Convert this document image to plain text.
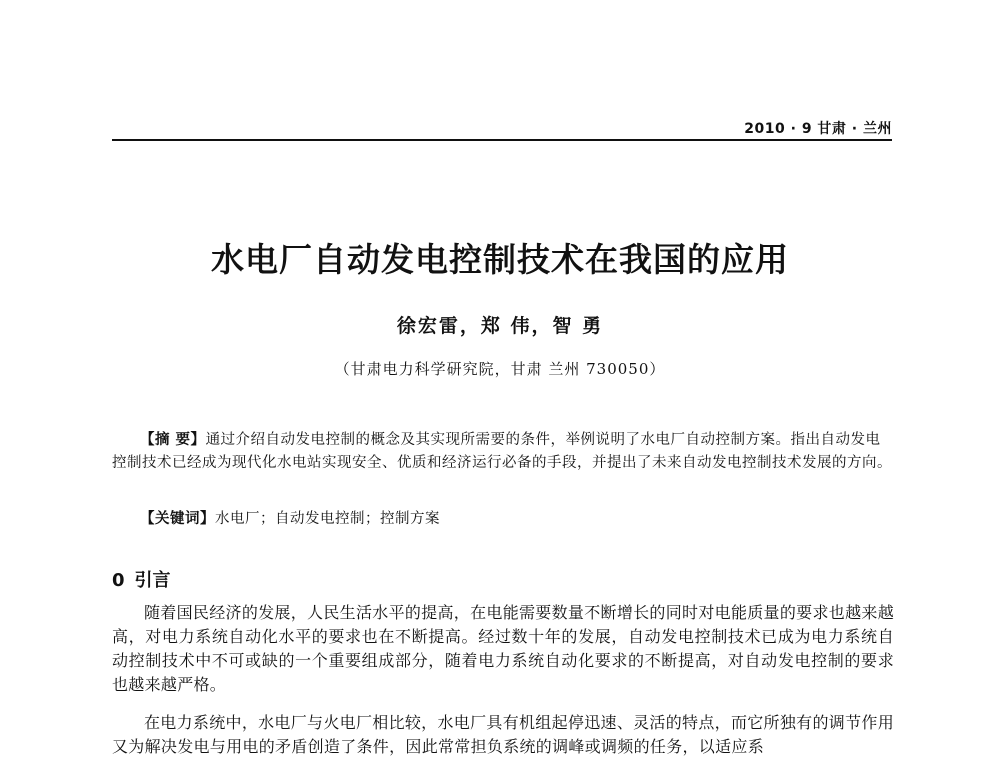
2010 · 9 甘肃 · 兰州
水电厂自动发电控制技术在我国的应用
徐宏雷，郑 伟，智 勇
（甘肃电力科学研究院，甘肃 兰州 730050）
【摘 要】通过介绍自动发电控制的概念及其实现所需要的条件，举例说明了水电厂自动控制方案。指出自动发电控制技术已经成为现代化水电站实现安全、优质和经济运行必备的手段，并提出了未来自动发电控制技术发展的方向。
【关键词】水电厂；自动发电控制；控制方案
0 引言

随着国民经济的发展，人民生活水平的提高，在电能需要数量不断增长的同时对电能质量的要求也越来越高，对电力系统自动化水平的要求也在不断提高。经过数十年的发展，自动发电控制技术已成为电力系统自动控制技术中不可或缺的一个重要组成部分，随着电力系统自动化要求的不断提高，对自动发电控制的要求也越来越严格。

在电力系统中，水电厂与火电厂相比较，水电厂具有机组起停迅速、灵活的特点，而它所独有的调节作用又为解决发电与用电的矛盾创造了条件，因此常常担负系统的调峰或调频的任务，以适应系
